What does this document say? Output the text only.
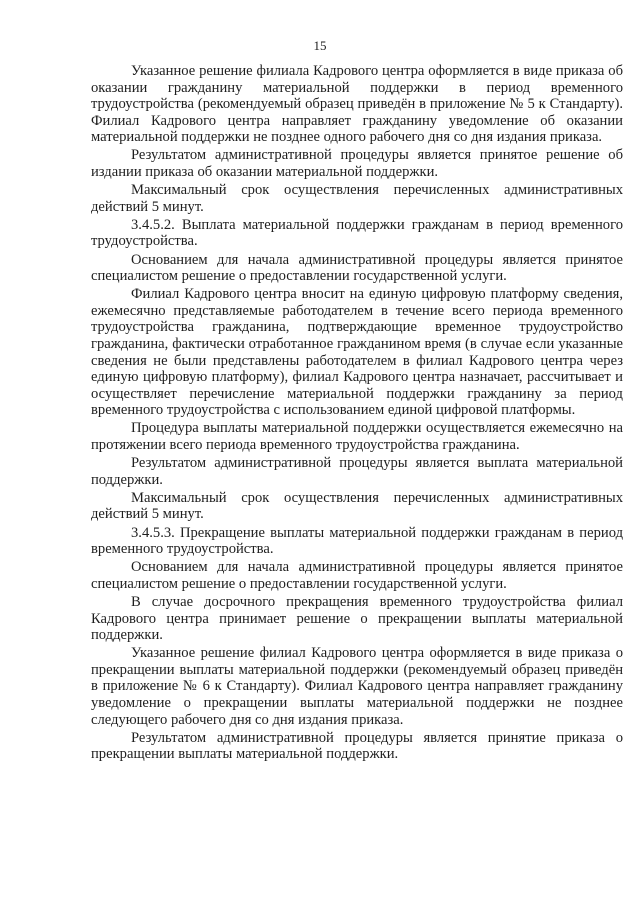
15

Указанное решение филиала Кадрового центра оформляется в виде приказа об оказании гражданину материальной поддержки в период временного трудоустройства (рекомендуемый образец приведён в приложение № 5 к Стандарту). Филиал Кадрового центра направляет гражданину уведомление об оказании материальной поддержки не позднее одного рабочего дня со дня издания приказа.

Результатом административной процедуры является принятое решение об издании приказа об оказании материальной поддержки.

Максимальный срок осуществления перечисленных административных действий 5 минут.

3.4.5.2. Выплата материальной поддержки гражданам в период временного трудоустройства.

Основанием для начала административной процедуры является принятое специалистом решение о предоставлении государственной услуги.

Филиал Кадрового центра вносит на единую цифровую платформу сведения, ежемесячно представляемые работодателем в течение всего периода временного трудоустройства гражданина, подтверждающие временное трудоустройство гражданина, фактически отработанное гражданином время (в случае если указанные сведения не были представлены работодателем в филиал Кадрового центра через единую цифровую платформу), филиал Кадрового центра назначает, рассчитывает и осуществляет перечисление материальной поддержки гражданину за период временного трудоустройства с использованием единой цифровой платформы.

Процедура выплаты материальной поддержки осуществляется ежемесячно на протяжении всего периода временного трудоустройства гражданина.

Результатом административной процедуры является выплата материальной поддержки.

Максимальный срок осуществления перечисленных административных действий 5 минут.

3.4.5.3. Прекращение выплаты материальной поддержки гражданам в период временного трудоустройства.

Основанием для начала административной процедуры является принятое специалистом решение о предоставлении государственной услуги.

В случае досрочного прекращения временного трудоустройства филиал Кадрового центра принимает решение о прекращении выплаты материальной поддержки.

Указанное решение филиал Кадрового центра оформляется в виде приказа о прекращении выплаты материальной поддержки (рекомендуемый образец приведён в приложение № 6 к Стандарту). Филиал Кадрового центра направляет гражданину уведомление о прекращении выплаты материальной поддержки не позднее следующего рабочего дня со дня издания приказа.

Результатом административной процедуры является принятие приказа о прекращении выплаты материальной поддержки.
